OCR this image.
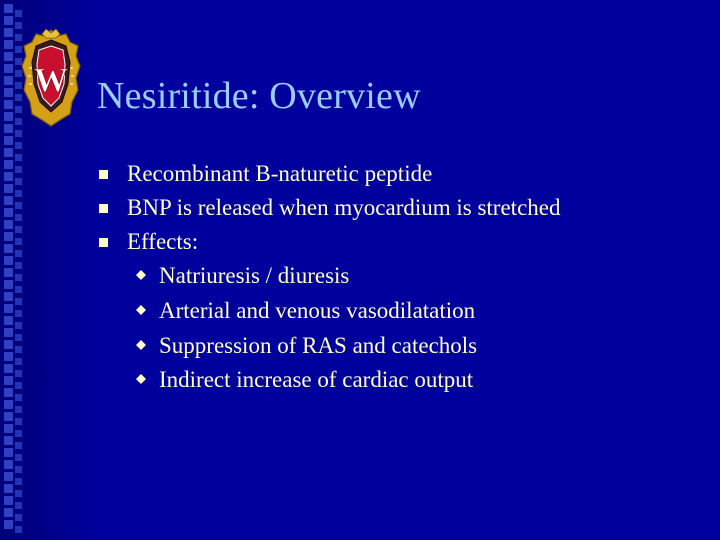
W Nesiritide: Overview
Recombinant B-naturetic peptide
BNP is released when myocardium is stretched
Effects:
Natriuresis / diuresis
Arterial and venous vasodilatation
Suppression of RAS and catechols
Indirect increase of cardiac output
